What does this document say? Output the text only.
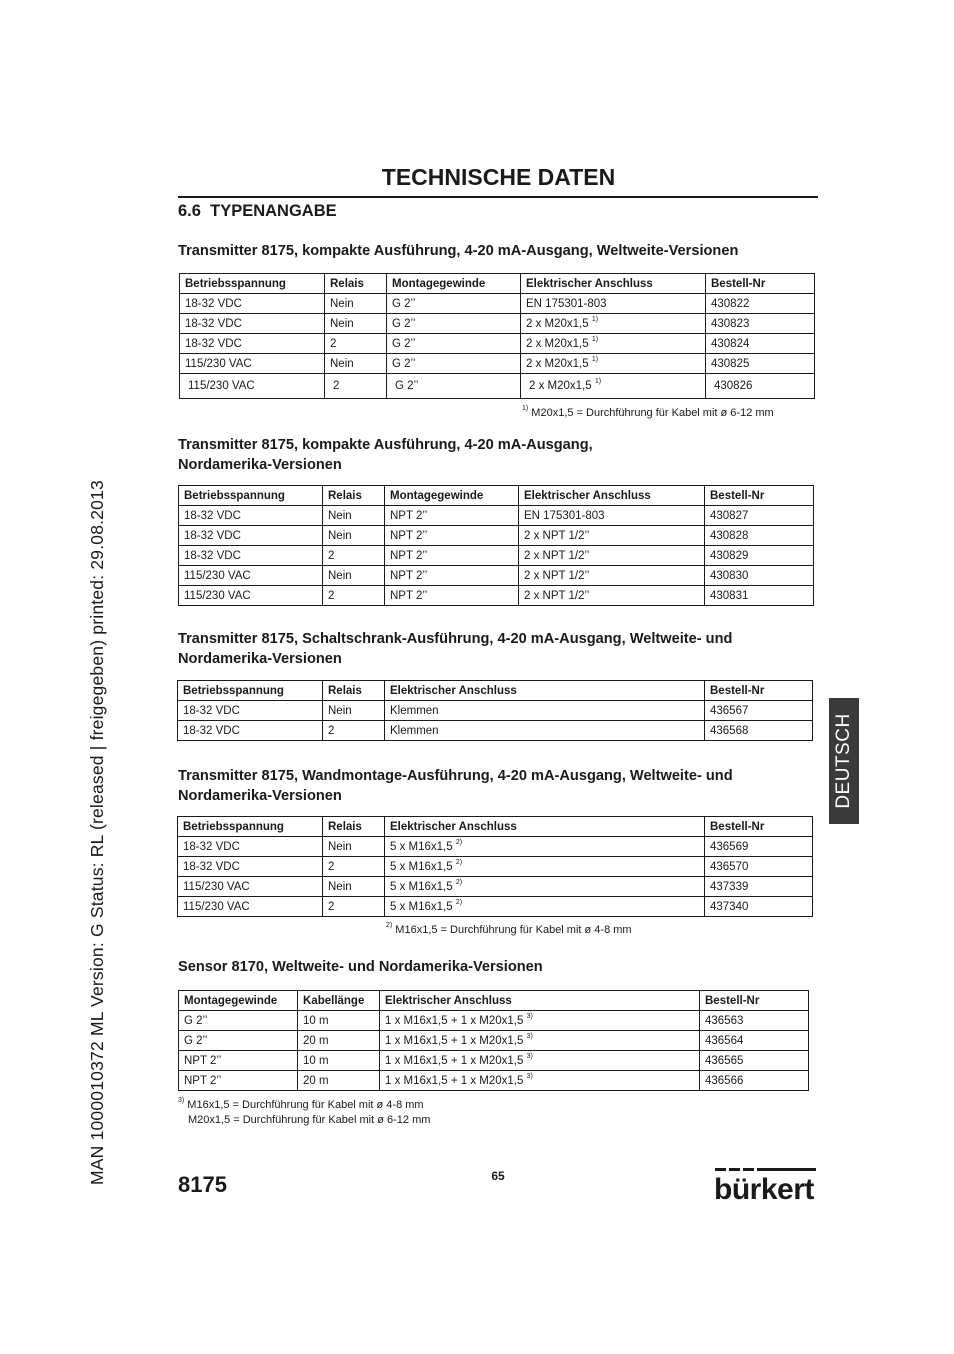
MAN 1000010372 ML Version: G Status: RL (released | freigegeben) printed: 29.08.2013
TECHNISCHE DATEN
6.6 TYPENANGABE
Transmitter 8175, kompakte Ausführung, 4-20 mA-Ausgang, Weltweite-Versionen
Betriebsspannung	Relais	Montagegewinde	Elektrischer Anschluss	Bestell-Nr
18-32 VDC	Nein	G 2’’	EN 175301-803	430822
18-32 VDC	Nein	G 2’’	2 x M20x1,5 $^{1)}$	430823
18-32 VDC	2	G 2’’	2 x M20x1,5 $^{1)}$	430824
115/230 VAC	Nein	G 2’’	2 x M20x1,5 $^{1)}$	430825
115/230 VAC	2	G 2’’	2 x M20x1,5 $^{1)}$	430826
$^{1)}$ M20x1,5 = Durchführung für Kabel mit ø 6-12 mm
Transmitter 8175, kompakte Ausführung, 4-20 mA-Ausgang,
Nordamerika-Versionen
Betriebsspannung	Relais	Montagegewinde	Elektrischer Anschluss	Bestell-Nr
18-32 VDC	Nein	NPT 2’’	EN 175301-803	430827
18-32 VDC	Nein	NPT 2’’	2 x NPT 1/2’’	430828
18-32 VDC	2	NPT 2’’	2 x NPT 1/2’’	430829
115/230 VAC	Nein	NPT 2’’	2 x NPT 1/2’’	430830
115/230 VAC	2	NPT 2’’	2 x NPT 1/2’’	430831
Transmitter 8175, Schaltschrank-Ausführung, 4-20 mA-Ausgang, Weltweite- und
Nordamerika-Versionen
Betriebsspannung	Relais	Elektrischer Anschluss	Bestell-Nr
18-32 VDC	Nein	Klemmen	436567
18-32 VDC	2	Klemmen	436568	DEUTSCH
Transmitter 8175, Wandmontage-Ausführung, 4-20 mA-Ausgang, Weltweite- und
Nordamerika-Versionen
Betriebsspannung	Relais	Elektrischer Anschluss	Bestell-Nr
18-32 VDC	Nein	5 x M16x1,5 $^{2)}$	436569
18-32 VDC	2	5 x M16x1,5 $^{2)}$	436570
115/230 VAC	Nein	5 x M16x1,5 $^{2)}$	437339
115/230 VAC	2	5 x M16x1,5 $^{2)}$	437340
$^{2)}$ M16x1,5 = Durchführung für Kabel mit ø 4-8 mm
Sensor 8170, Weltweite- und Nordamerika-Versionen
Montagegewinde	Kabellänge	Elektrischer Anschluss	Bestell-Nr
G 2’’	10 m	1 x M16x1,5 + 1 x M20x1,5 $^{3)}$	436563
G 2’’	20 m	1 x M16x1,5 + 1 x M20x1,5 $^{3)}$	436564
NPT 2’’	10 m	1 x M16x1,5 + 1 x M20x1,5 $^{3)}$	436565
NPT 2’’	20 m	1 x M16x1,5 + 1 x M20x1,5 $^{3)}$	436566
$^{3)}$ M16x1,5 = Durchführung für Kabel mit ø 4-8 mm
M20x1,5 = Durchführung für Kabel mit ø 6-12 mm
8175	65	bürkert
